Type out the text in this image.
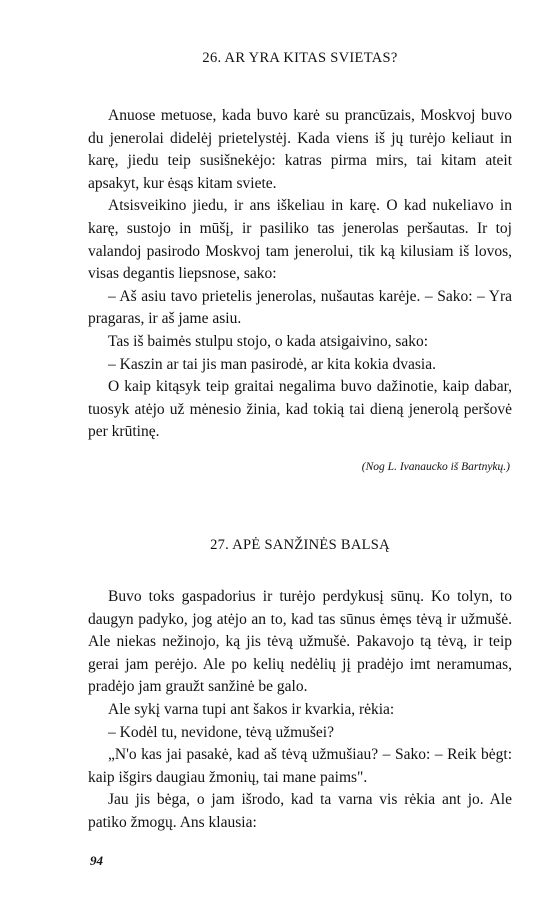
26. AR YRA KITAS SVIETAS?

Anuose metuose, kada buvo karė su prancūzais, Moskvoj buvo du jenerolai didelėj prietelystėj. Kada viens iš jų turėjo keliaut in karę, jiedu teip susišnekėjo: katras pirma mirs, tai kitam ateit apsakyt, kur ėsąs kitam sviete.

Atsisveikino jiedu, ir ans iškeliau in karę. O kad nukeliavo in karę, sustojo in mūšį, ir pasiliko tas jenerolas peršautas. Ir toj valandoj pasirodo Moskvoj tam jenerolui, tik ką kilusiam iš lovos, visas degantis liepsnose, sako:

– Aš asiu tavo prietelis jenerolas, nušautas karėje. – Sako: – Yra pragaras, ir aš jame asiu.

Tas iš baimės stulpu stojo, o kada atsigaivino, sako:

– Kaszin ar tai jis man pasirodė, ar kita kokia dvasia.

O kaip kitąsyk teip graitai negalima buvo dažinotie, kaip dabar, tuosyk atėjo už mėnesio žinia, kad tokią tai dieną jenerolą peršovė per krūtinę.

(Nog L. Ivanaucko iš Bartnykų.)
27. APĖ SANŽINĖS BALSĄ

Buvo toks gaspadorius ir turėjo perdykusį sūnų. Ko tolyn, to daugyn padyko, jog atėjo an to, kad tas sūnus ėmęs tėvą ir užmušė. Ale niekas nežinojo, ką jis tėvą užmušė. Pakavojo tą tėvą, ir teip gerai jam perėjo. Ale po kelių nedėlių jį pradėjo imt neramumas, pradėjo jam graužt sanžinė be galo.

Ale sykį varna tupi ant šakos ir kvarkia, rėkia:

– Kodėl tu, nevidone, tėvą užmušei?

„N'o kas jai pasakė, kad aš tėvą užmušiau? – Sako: – Reik bėgt: kaip išgirs daugiau žmonių, tai mane paims".

Jau jis bėga, o jam išrodo, kad ta varna vis rėkia ant jo. Ale patiko žmogų. Ans klausia:

94
